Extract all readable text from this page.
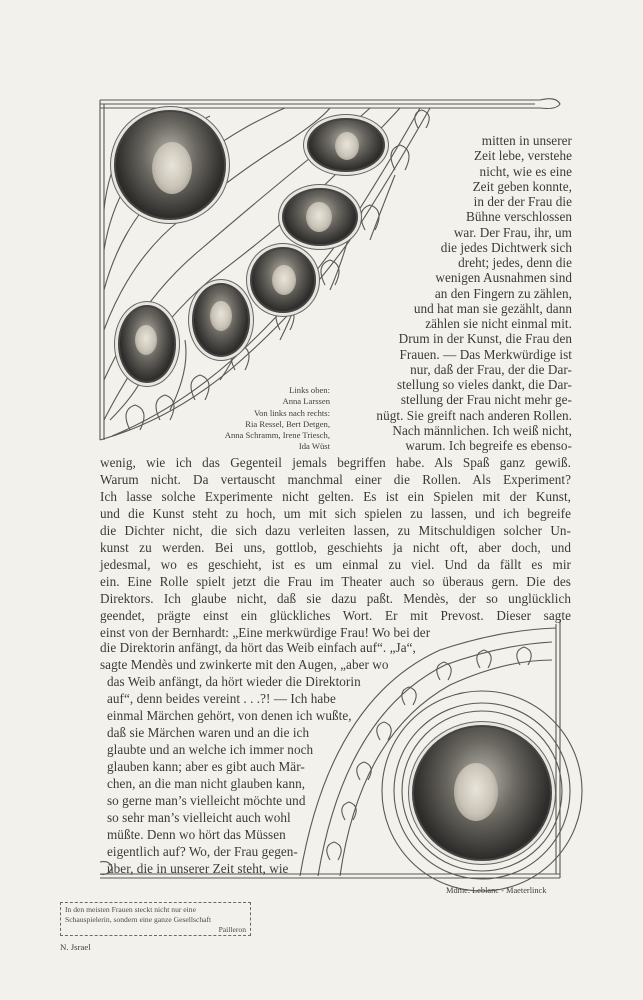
Links oben:
Anna Larssen
Von links nach rechts:
Ria Ressel, Bert Detgen,
Anna Schramm, Irene Triesch,
Ida Wüst
mitten in unserer
Zeit lebe, verstehe
nicht, wie es eine
Zeit geben konnte,
in der der Frau die
Bühne verschlossen
war. Der Frau, ihr, um
die jedes Dichtwerk sich
dreht; jedes, denn die
wenigen Ausnahmen sind
an den Fingern zu zählen,
und hat man sie gezählt, dann
zählen sie nicht einmal mit.
Drum in der Kunst, die Frau den
Frauen. — Das Merkwürdige ist
nur, daß der Frau, der die Dar-
stellung so vieles dankt, die Dar-
stellung der Frau nicht mehr ge-
nügt. Sie greift nach anderen Rollen.
Nach männlichen. Ich weiß nicht,
warum. Ich begreife es ebenso-
wenig, wie ich das Gegenteil jemals begriffen habe. Als Spaß ganz gewiß.
Warum nicht. Da vertauscht manchmal einer die Rollen. Als Experiment?
Ich lasse solche Experimente nicht gelten. Es ist ein Spielen mit der Kunst,
und die Kunst steht zu hoch, um mit sich spielen zu lassen, und ich begreife
die Dichter nicht, die sich dazu verleiten lassen, zu Mitschuldigen solcher Un-
kunst zu werden. Bei uns, gottlob, geschiehts ja nicht oft, aber doch, und
jedesmal, wo es geschieht, ist es um einmal zu viel. Und da fällt es mir
ein. Eine Rolle spielt jetzt die Frau im Theater auch so überaus gern. Die des
Direktors. Ich glaube nicht, daß sie dazu paßt. Mendès, der so unglücklich
geendet, prägte einst ein glückliches Wort. Er mit Prevost. Dieser sagte
einst von der Bernhardt: „Eine merkwürdige Frau! Wo bei der
die Direktorin anfängt, da hört das Weib einfach auf“. „Ja“,
sagte Mendès und zwinkerte mit den Augen, „aber wo
das Weib anfängt, da hört wieder die Direktorin
auf“, denn beides vereint . . .?! — Ich habe
einmal Märchen gehört, von denen ich wußte,
daß sie Märchen waren und an die ich
glaubte und an welche ich immer noch
glauben kann; aber es gibt auch Mär-
chen, an die man nicht glauben kann,
so gerne man’s vielleicht möchte und
so sehr man’s vielleicht auch wohl
müßte. Denn wo hört das Müssen
eigentlich auf? Wo, der Frau gegen-
über, die in unserer Zeit steht, wie
Mdme. Leblanc - Maeterlinck
In den meisten Frauen steckt nicht nur eine
Schauspielerin, sondern eine ganze Gesellschaft
Pailleron
N. Jsrael
